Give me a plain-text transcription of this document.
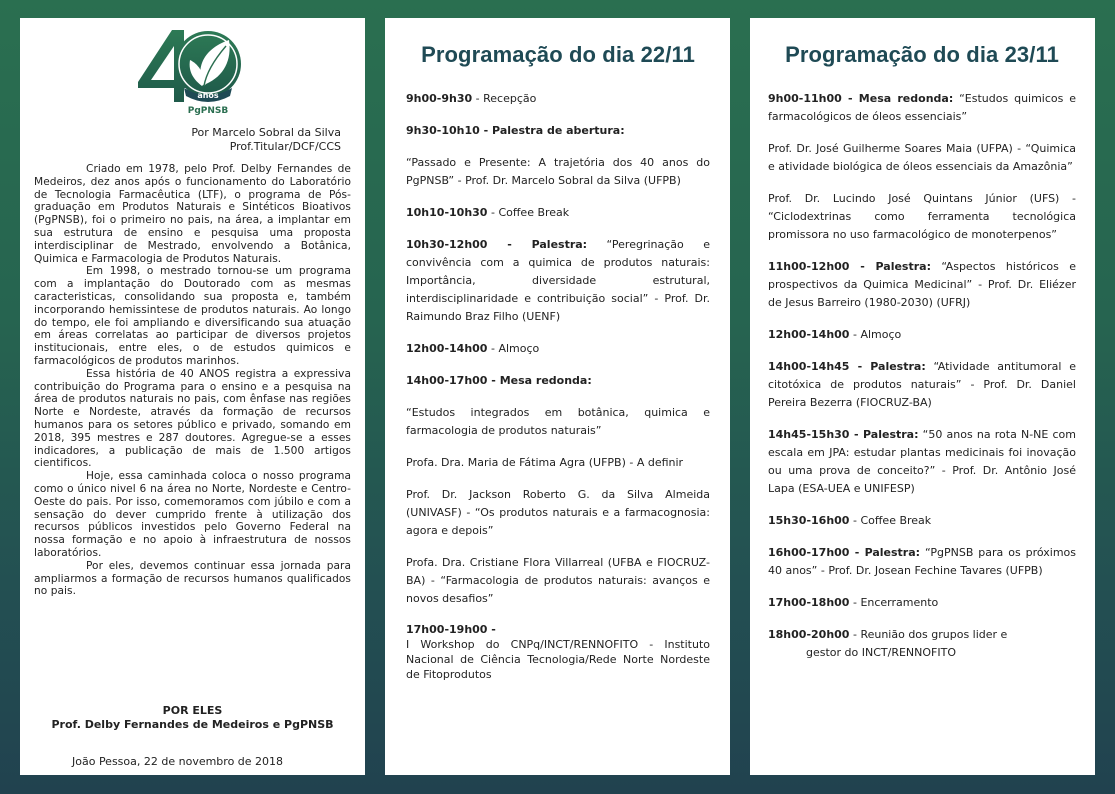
anos
PgPNSB
Por Marcelo Sobral da Silva
Prof.Titular/DCF/CCS

Criado em 1978, pelo Prof. Delby Fernandes de Medeiros, dez anos após o funcionamento do Laboratório de Tecnologia Farmacêutica (LTF), o programa de Pós-graduação em Produtos Naturais e Sintéticos Bioativos (PgPNSB), foi o primeiro no pais, na área, a implantar em sua estrutura de ensino e pesquisa uma proposta interdisciplinar de Mestrado, envolvendo a Botânica, Quimica e Farmacologia de Produtos Naturais.

Em 1998, o mestrado tornou-se um programa com a implantação do Doutorado com as mesmas caracteristicas, consolidando sua proposta e, também incorporando hemissintese de produtos naturais. Ao longo do tempo, ele foi ampliando e diversificando sua atuação em áreas correlatas ao participar de diversos projetos institucionais, entre eles, o de estudos quimicos e farmacológicos de produtos marinhos.

Essa história de 40 ANOS registra a expressiva contribuição do Programa para o ensino e a pesquisa na área de produtos naturais no pais, com ênfase nas regiões Norte e Nordeste, através da formação de recursos humanos para os setores público e privado, somando em 2018, 395 mestres e 287 doutores. Agregue-se a esses indicadores, a publicação de mais de 1.500 artigos cientificos.

Hoje, essa caminhada coloca o nosso programa como o único nivel 6 na área no Norte, Nordeste e Centro-Oeste do pais. Por isso, comemoramos com júbilo e com a sensação do dever cumprido frente à utilização dos recursos públicos investidos pelo Governo Federal na nossa formação e no apoio à infraestrutura de nossos laboratórios.

Por eles, devemos continuar essa jornada para ampliarmos a formação de recursos humanos qualificados no pais.

POR ELES
Prof. Delby Fernandes de Medeiros e PgPNSB
João Pessoa, 22 de novembro de 2018
Programação do dia 22/11
9h00-9h30 - Recepção
9h30-10h10 - Palestra de abertura:
“Passado e Presente: A trajetória dos 40 anos do PgPNSB” - Prof. Dr. Marcelo Sobral da Silva (UFPB)
10h10-10h30 - Coffee Break
10h30-12h00 - Palestra: “Peregrinação e convivência com a quimica de produtos naturais: Importância, diversidade estrutural, interdisciplinaridade e contribuição social” - Prof. Dr. Raimundo Braz Filho (UENF)
12h00-14h00 - Almoço
14h00-17h00 - Mesa redonda:
“Estudos integrados em botânica, quimica e farmacologia de produtos naturais”
Profa. Dra. Maria de Fátima Agra (UFPB) - A definir
Prof. Dr. Jackson Roberto G. da Silva Almeida (UNIVASF) - “Os produtos naturais e a farmacognosia: agora e depois”
Profa. Dra. Cristiane Flora Villarreal (UFBA e FIOCRUZ-BA) - “Farmacologia de produtos naturais: avanços e novos desafios”
17h00-19h00 -
I Workshop do CNPq/INCT/RENNOFITO - Instituto Nacional de Ciência Tecnologia/Rede Norte Nordeste de Fitoprodutos
Programação do dia 23/11
9h00-11h00 - Mesa redonda: “Estudos quimicos e farmacológicos de óleos essenciais”
Prof. Dr. José Guilherme Soares Maia (UFPA) - “Quimica e atividade biológica de óleos essenciais da Amazônia”
Prof. Dr. Lucindo José Quintans Júnior (UFS) - “Ciclodextrinas como ferramenta tecnológica promissora no uso farmacológico de monoterpenos”
11h00-12h00 - Palestra: “Aspectos históricos e prospectivos da Quimica Medicinal” - Prof. Dr. Eliézer de Jesus Barreiro (1980-2030) (UFRJ)
12h00-14h00 - Almoço
14h00-14h45 - Palestra: “Atividade antitumoral e citotóxica de produtos naturais” - Prof. Dr. Daniel Pereira Bezerra (FIOCRUZ-BA)
14h45-15h30 - Palestra: “50 anos na rota N-NE com escala em JPA: estudar plantas medicinais foi inovação ou uma prova de conceito?” - Prof. Dr. Antônio José Lapa (ESA-UEA e UNIFESP)
15h30-16h00 - Coffee Break
16h00-17h00 - Palestra: “PgPNSB para os próximos 40 anos” - Prof. Dr. Josean Fechine Tavares (UFPB)
17h00-18h00 - Encerramento
18h00-20h00 - Reunião dos grupos lider e
gestor do INCT/RENNOFITO
